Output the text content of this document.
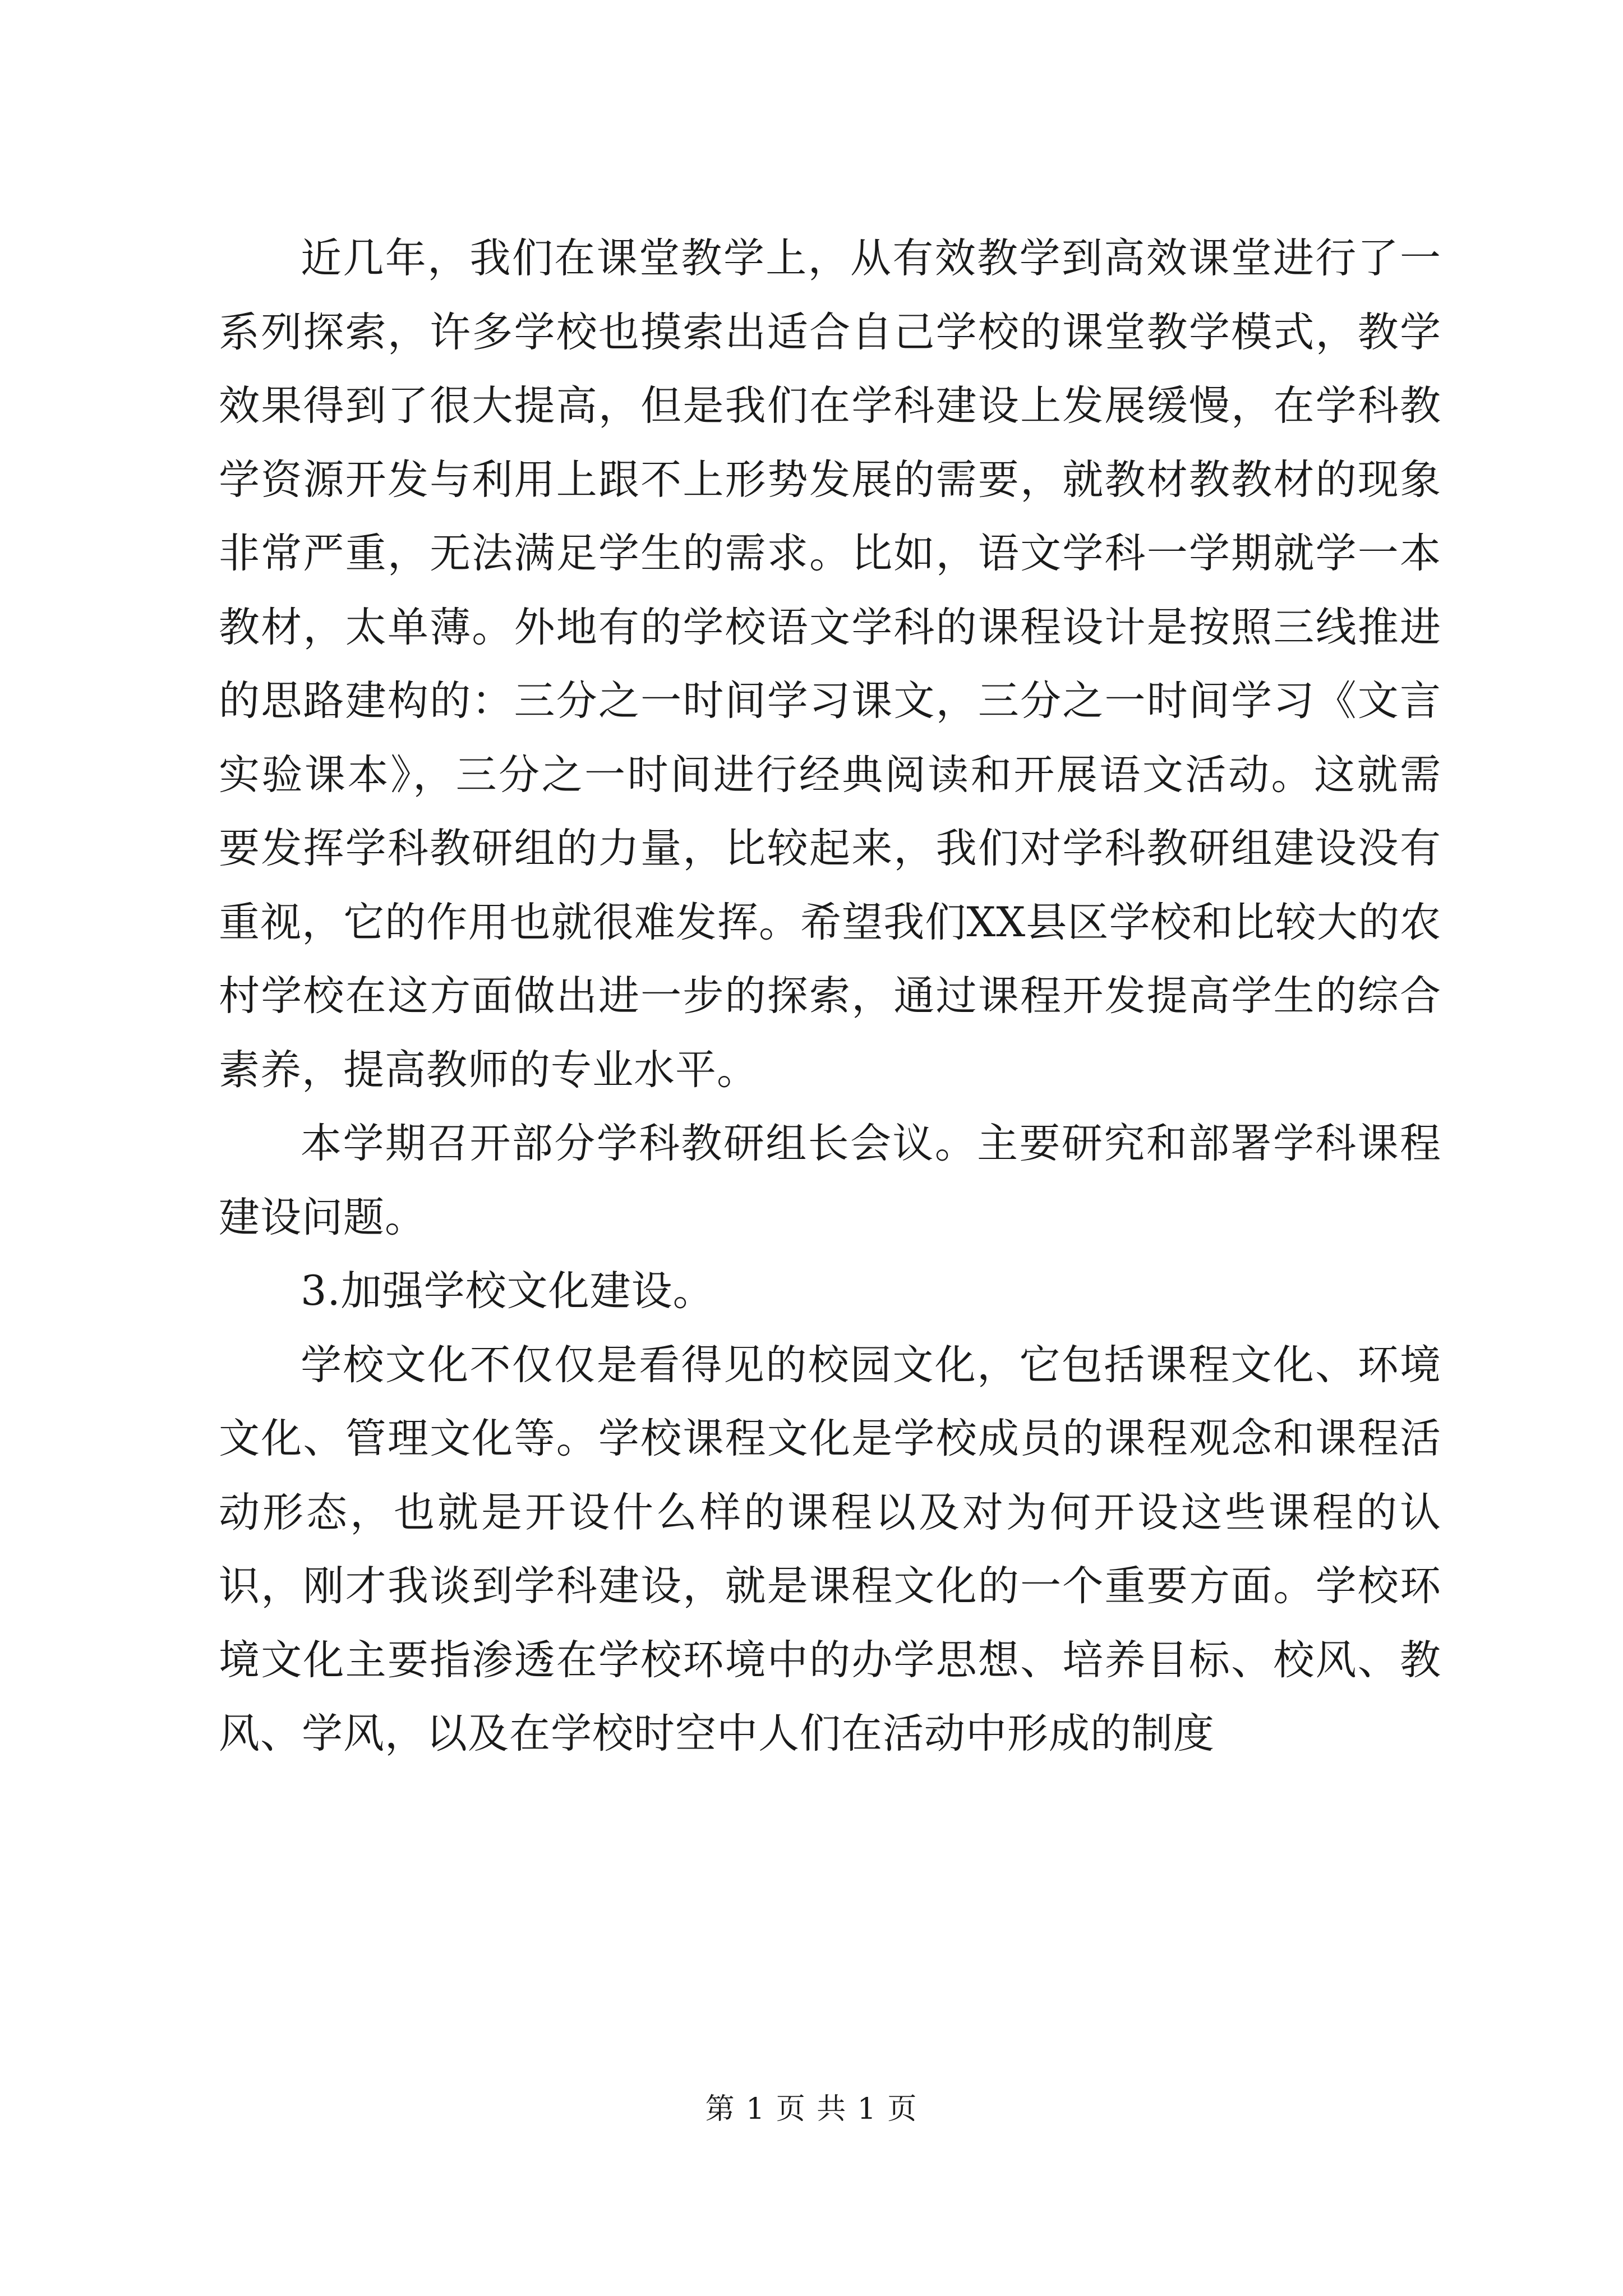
近几年，我们在课堂教学上，从有效教学到高效课堂进行了一系列探索，许多学校也摸索出适合自己学校的课堂教学模式，教学效果得到了很大提高，但是我们在学科建设上发展缓慢，在学科教学资源开发与利用上跟不上形势发展的需要，就教材教教材的现象非常严重，无法满足学生的需求。比如，语文学科一学期就学一本教材，太单薄。外地有的学校语文学科的课程设计是按照三线推进的思路建构的：三分之一时间学习课文，三分之一时间学习《文言实验课本》，三分之一时间进行经典阅读和开展语文活动。这就需要发挥学科教研组的力量，比较起来，我们对学科教研组建设没有重视，它的作用也就很难发挥。希望我们XX县区学校和比较大的农村学校在这方面做出进一步的探索，通过课程开发提高学生的综合素养，提高教师的专业水平。

本学期召开部分学科教研组长会议。主要研究和部署学科课程建设问题。

3.加强学校文化建设。

学校文化不仅仅是看得见的校园文化，它包括课程文化、环境文化、管理文化等。学校课程文化是学校成员的课程观念和课程活动形态，也就是开设什么样的课程以及对为何开设这些课程的认识，刚才我谈到学科建设，就是课程文化的一个重要方面。学校环境文化主要指渗透在学校环境中的办学思想、培养目标、校风、教风、学风，以及在学校时空中人们在活动中形成的制度

第 1 页 共 1 页
